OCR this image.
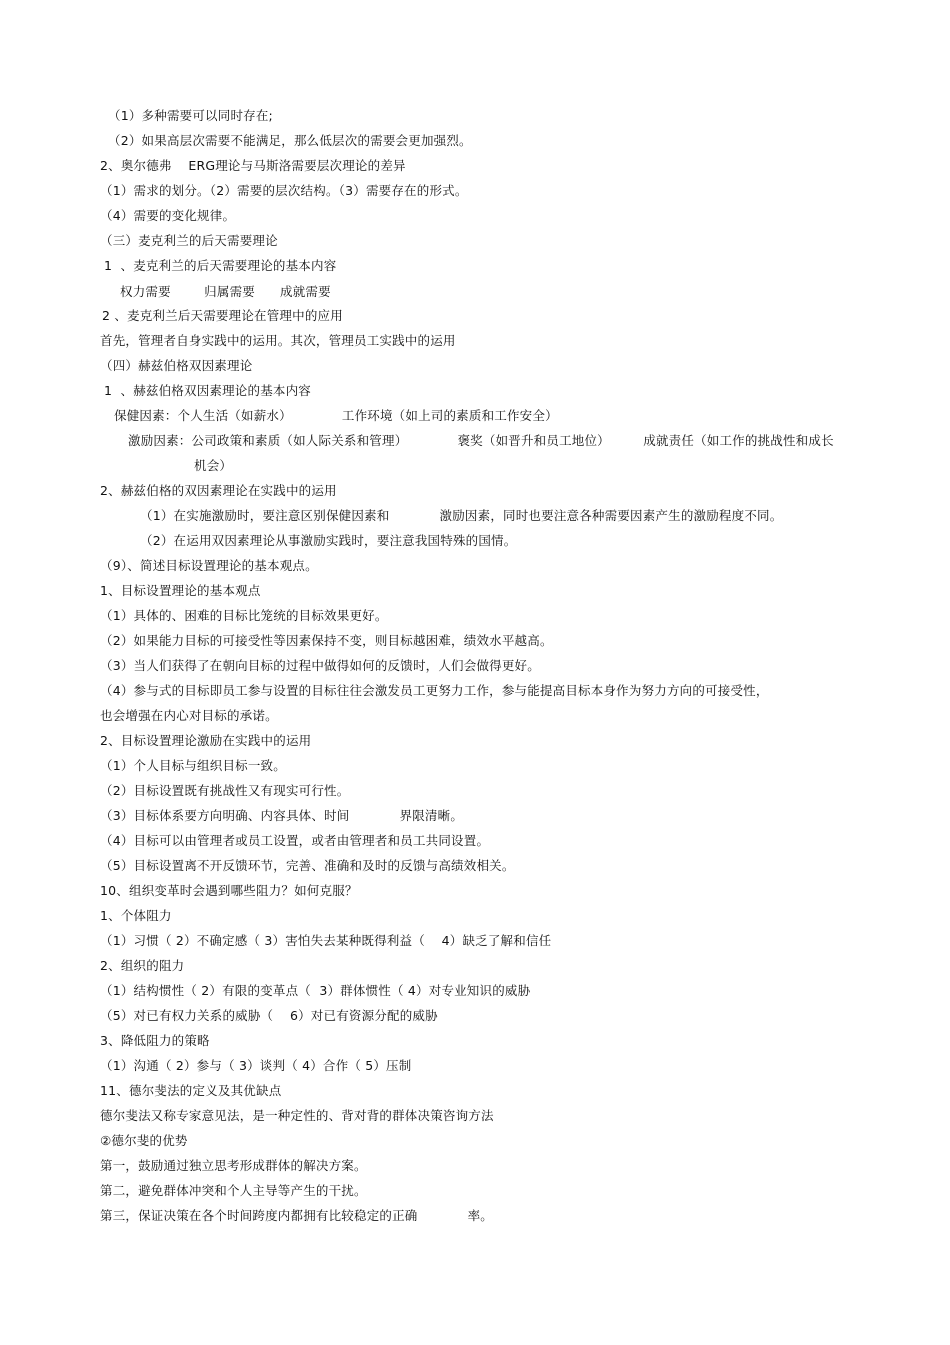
（1）多种需要可以同时存在;
（2）如果高层次需要不能满足，那么低层次的需要会更加强烈。
2、奥尔德弗    ERG理论与马斯洛需要层次理论的差异
（1）需求的划分。（2）需要的层次结构。（3）需要存在的形式。
（4）需要的变化规律。
（三）麦克利兰的后天需要理论
1  、麦克利兰的后天需要理论的基本内容
权力需要        归属需要      成就需要
2 、麦克利兰后天需要理论在管理中的应用
首先，管理者自身实践中的运用。其次，管理员工实践中的运用
（四）赫兹伯格双因素理论
1  、赫兹伯格双因素理论的基本内容
保健因素：个人生活（如薪水）            工作环境（如上司的素质和工作安全）
激励因素：公司政策和素质（如人际关系和管理）            褒奖（如晋升和员工地位）        成就责任（如工作的挑战性和成长
机会）
2、赫兹伯格的双因素理论在实践中的运用
（1）在实施激励时，要注意区别保健因素和            激励因素，同时也要注意各种需要因素产生的激励程度不同。
（2）在运用双因素理论从事激励实践时，要注意我国特殊的国情。
（9）、简述目标设置理论的基本观点。
1、目标设置理论的基本观点
（1）具体的、困难的目标比笼统的目标效果更好。
（2）如果能力目标的可接受性等因素保持不变，则目标越困难，绩效水平越高。
（3）当人们获得了在朝向目标的过程中做得如何的反馈时，人们会做得更好。
（4）参与式的目标即员工参与设置的目标往往会激发员工更努力工作，参与能提高目标本身作为努力方向的可接受性，
也会增强在内心对目标的承诺。
2、目标设置理论激励在实践中的运用
（1）个人目标与组织目标一致。
（2）目标设置既有挑战性又有现实可行性。
（3）目标体系要方向明确、内容具体、时间            界限清晰。
（4）目标可以由管理者或员工设置，或者由管理者和员工共同设置。
（5）目标设置离不开反馈环节，完善、准确和及时的反馈与高绩效相关。
10、组织变革时会遇到哪些阻力？如何克服？
1、个体阻力
（1）习惯（ 2）不确定感（ 3）害怕失去某种既得利益（    4）缺乏了解和信任
2、组织的阻力
（1）结构惯性（ 2）有限的变革点（  3）群体惯性（ 4）对专业知识的威胁
（5）对已有权力关系的威胁（    6）对已有资源分配的威胁
3、降低阻力的策略
（1）沟通（ 2）参与（ 3）谈判（ 4）合作（ 5）压制
11、德尔斐法的定义及其优缺点
德尔斐法又称专家意见法，是一种定性的、背对背的群体决策咨询方法
②德尔斐的优势
第一，鼓励通过独立思考形成群体的解决方案。
第二，避免群体冲突和个人主导等产生的干扰。
第三，保证决策在各个时间跨度内都拥有比较稳定的正确            率。
